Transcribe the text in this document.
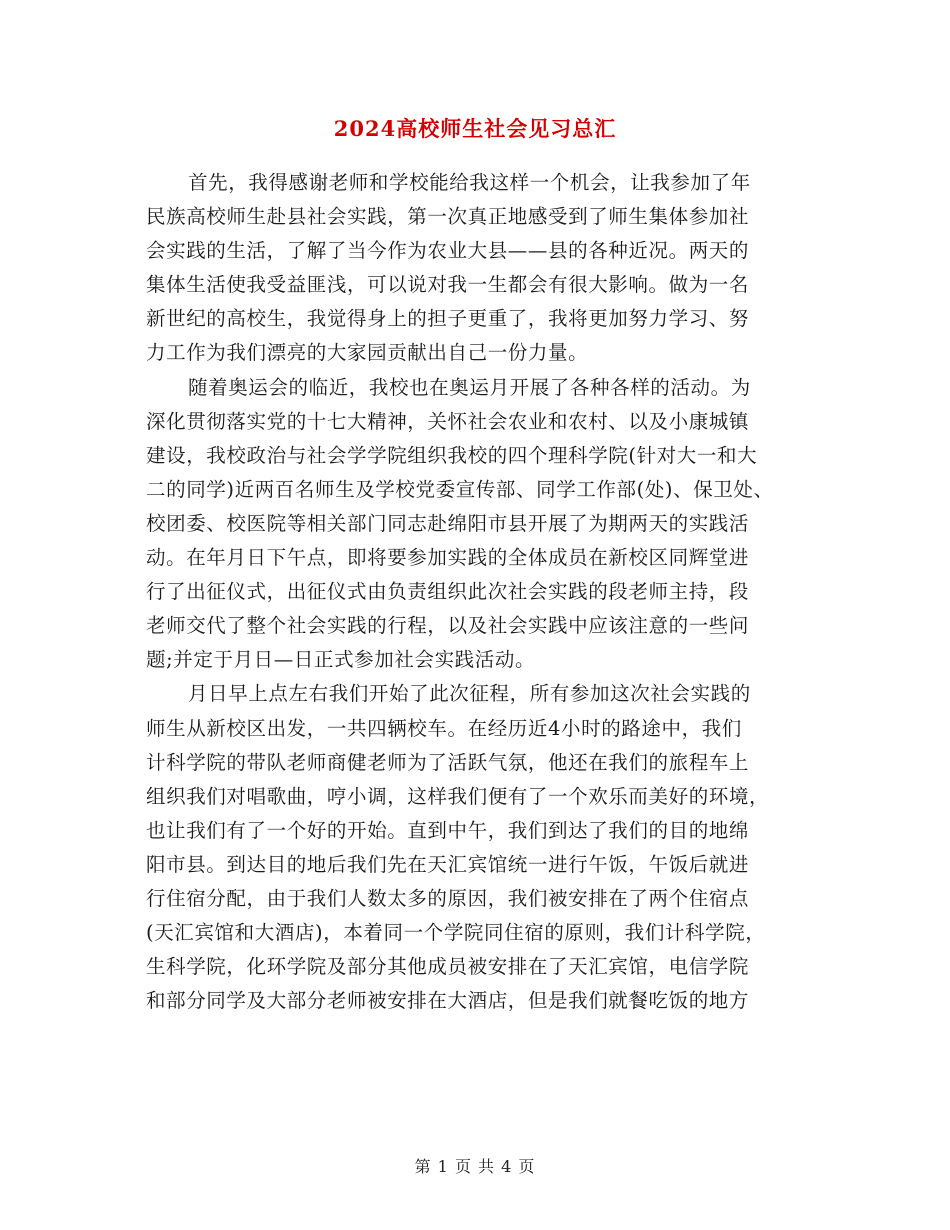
2024高校师生社会见习总汇
首先，我得感谢老师和学校能给我这样一个机会，让我参加了年
民族高校师生赴县社会实践，第一次真正地感受到了师生集体参加社
会实践的生活，了解了当今作为农业大县——县的各种近况。两天的
集体生活使我受益匪浅，可以说对我一生都会有很大影响。做为一名
新世纪的高校生，我觉得身上的担子更重了，我将更加努力学习、努
力工作为我们漂亮的大家园贡献出自己一份力量。
随着奥运会的临近，我校也在奥运月开展了各种各样的活动。为
深化贯彻落实党的十七大精神，关怀社会农业和农村、以及小康城镇
建设，我校政治与社会学学院组织我校的四个理科学院(针对大一和大
二的同学)近两百名师生及学校党委宣传部、同学工作部(处)、保卫处、
校团委、校医院等相关部门同志赴绵阳市县开展了为期两天的实践活
动。在年月日下午点，即将要参加实践的全体成员在新校区同辉堂进
行了出征仪式，出征仪式由负责组织此次社会实践的段老师主持，段
老师交代了整个社会实践的行程，以及社会实践中应该注意的一些问
题;并定于月日—日正式参加社会实践活动。
月日早上点左右我们开始了此次征程，所有参加这次社会实践的
师生从新校区出发，一共四辆校车。在经历近4小时的路途中，我们
计科学院的带队老师商健老师为了活跃气氛，他还在我们的旅程车上
组织我们对唱歌曲，哼小调，这样我们便有了一个欢乐而美好的环境，
也让我们有了一个好的开始。直到中午，我们到达了我们的目的地绵
阳市县。到达目的地后我们先在天汇宾馆统一进行午饭，午饭后就进
行住宿分配，由于我们人数太多的原因，我们被安排在了两个住宿点
(天汇宾馆和大酒店)，本着同一个学院同住宿的原则，我们计科学院，
生科学院，化环学院及部分其他成员被安排在了天汇宾馆，电信学院
和部分同学及大部分老师被安排在大酒店，但是我们就餐吃饭的地方
第 1 页 共 4 页
